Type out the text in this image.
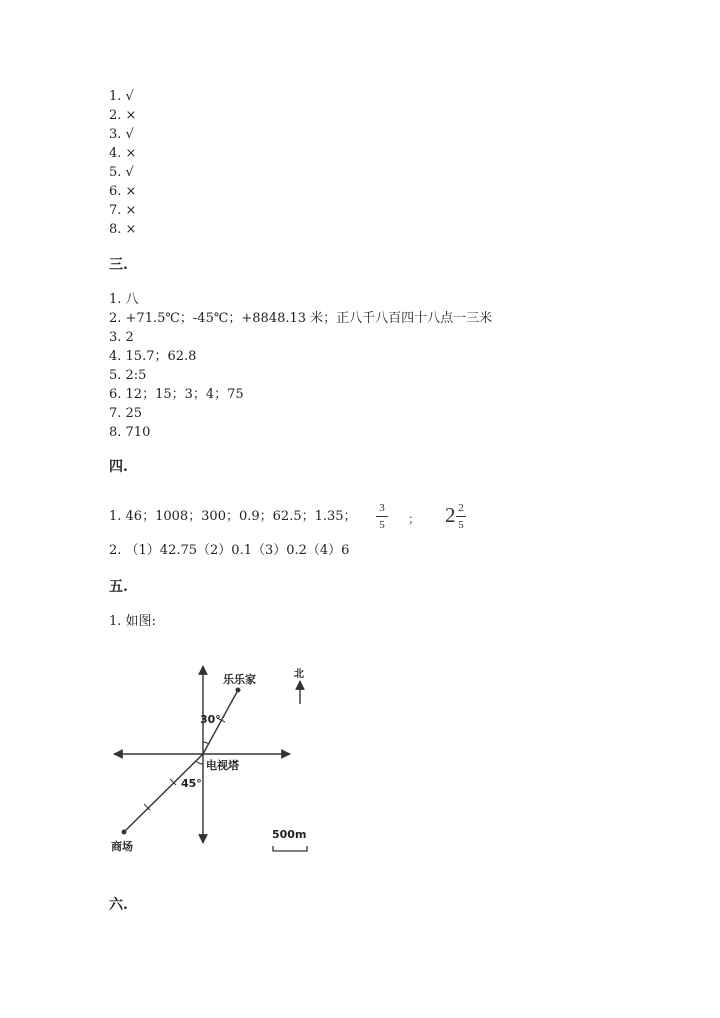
1. √
2. ×
3. √
4. ×
5. √
6. ×
7. ×
8. ×
三.
1. 八
2. +71.5℃；-45℃；+8848.13 米；正八千八百四十八点一三米
3. 2
4. 15.7；62.8
5. 2:5
6. 12；15；3；4；75
7. 25
8. 710
四.
1. 46；1008；300；0.9；62.5；1.35；
3
5 ； 2 2
5
2. （1）42.75（2）0.1（3）0.2（4）6
五.
1. 如图:
乐乐家	北
30°
电视塔
45°
500m
商场
六.
